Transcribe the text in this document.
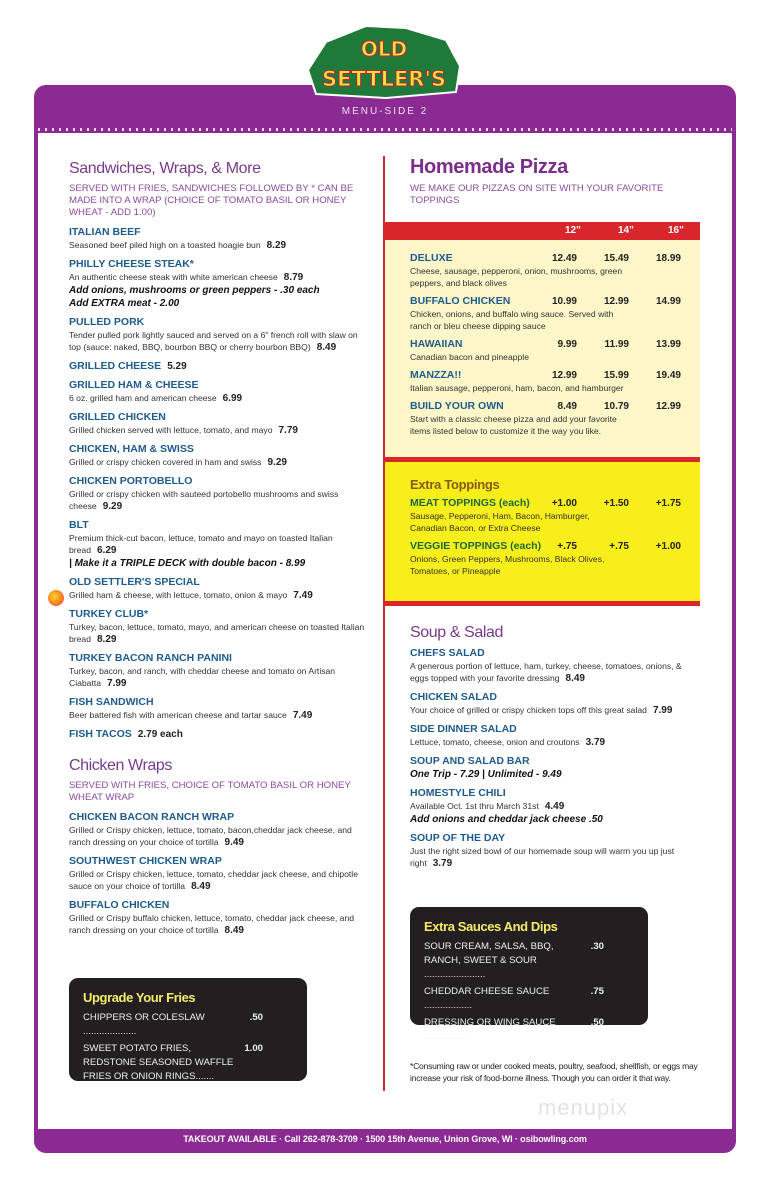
OLD
SETTLER'S
MENU-SIDE 2
Sandwiches, Wraps, & More
SERVED WITH FRIES, SANDWICHES FOLLOWED BY * CAN BE MADE INTO A WRAP (CHOICE OF TOMATO BASIL OR HONEY WHEAT - ADD 1.00)
ITALIAN BEEF
Seasoned beef piled high on a toasted hoagie bun 8.29
PHILLY CHEESE STEAK*
An authentic cheese steak with white american cheese 8.79
Add onions, mushrooms or green peppers - .30 each
Add EXTRA meat - 2.00
PULLED PORK
Tender pulled pork lightly sauced and served on a 6" french roll with slaw on top (sauce: naked, BBQ, bourbon BBQ or cherry bourbon BBQ) 8.49
GRILLED CHEESE 5.29
GRILLED HAM & CHEESE
6 oz. grilled ham and american cheese 6.99
GRILLED CHICKEN
Grilled chicken served with lettuce, tomato, and mayo 7.79
CHICKEN, HAM & SWISS
Grilled or crispy chicken covered in ham and swiss 9.29
CHICKEN PORTOBELLO
Grilled or crispy chicken with sauteed portobello mushrooms and swiss cheese 9.29
BLT
Premium thick-cut bacon, lettuce, tomato and mayo on toasted Italian bread 6.29
| Make it a TRIPLE DECK with double bacon - 8.99
OLD SETTLER'S SPECIAL
Grilled ham & cheese, with lettuce, tomato, onion & mayo 7.49
TURKEY CLUB*
Turkey, bacon, lettuce, tomato, mayo, and american cheese on toasted Italian bread 8.29
TURKEY BACON RANCH PANINI
Turkey, bacon, and ranch, with cheddar cheese and tomato on Artisan Ciabatta 7.99
FISH SANDWICH
Beer battered fish with american cheese and tartar sauce 7.49
FISH TACOS 2.79 each
Chicken Wraps
SERVED WITH FRIES, CHOICE OF TOMATO BASIL OR HONEY WHEAT WRAP
CHICKEN BACON RANCH WRAP
Grilled or Crispy chicken, lettuce, tomato, bacon,cheddar jack cheese, and ranch dressing on your choice of tortilla 9.49
SOUTHWEST CHICKEN WRAP
Grilled or Crispy chicken, lettuce, tomato, cheddar jack cheese, and chipotle sauce on your choice of tortilla 8.49
BUFFALO CHICKEN
Grilled or Crispy buffalo chicken, lettuce, tomato, cheddar jack cheese, and ranch dressing on your choice of tortilla 8.49
Upgrade Your Fries
CHIPPERS OR COLESLAW ....................
.50
SWEET POTATO FRIES, REDSTONE SEASONED WAFFLE FRIES OR ONION RINGS.......
1.00
Homemade Pizza
WE MAKE OUR PIZZAS ON SITE WITH YOUR FAVORITE TOPPINGS
12"	14"	16"
DELUXE	12.49	15.49	18.99
Cheese, sausage, pepperoni, onion, mushrooms, green peppers, and black olives
BUFFALO CHICKEN	10.99	12.99	14.99
Chicken, onions, and buffalo wing sauce. Served with ranch or bleu cheese dipping sauce
HAWAIIAN	9.99	11.99	13.99
Canadian bacon and pineapple
MANZZA!!	12.99	15.99	19.49
Italian sausage, pepperoni, ham, bacon, and hamburger
BUILD YOUR OWN	8.49	10.79	12.99
Start with a classic cheese pizza and add your favorite items listed below to customize it the way you like.
Extra Toppings
MEAT TOPPINGS (each)	+1.00	+1.50	+1.75
Sausage, Pepperoni, Ham, Bacon, Hamburger, Canadian Bacon, or Extra Cheese
VEGGIE TOPPINGS (each)	+.75	+.75	+1.00
Onions, Green Peppers, Mushrooms, Black Olives, Tomatoes, or Pineapple
Soup & Salad
CHEFS SALAD
A generous portion of lettuce, ham, turkey, cheese, tomatoes, onions, & eggs topped with your favorite dressing 8.49
CHICKEN SALAD
Your choice of grilled or crispy chicken tops off this great salad 7.99
SIDE DINNER SALAD
Lettuce, tomato, cheese, onion and croutons 3.79
SOUP AND SALAD BAR
One Trip - 7.29 | Unlimited - 9.49
HOMESTYLE CHILI
Available Oct. 1st thru March 31st 4.49
Add onions and cheddar jack cheese .50
SOUP OF THE DAY
Just the right sized bowl of our homemade soup will warm you up just right 3.79
Extra Sauces And Dips
SOUR CREAM, SALSA, BBQ, RANCH, SWEET & SOUR .......................
.30
CHEDDAR CHEESE SAUCE ..................
.75
DRESSING OR WING SAUCE ................
.50
*Consuming raw or under cooked meats, poultry, seafood, shellfish, or eggs may increase your risk of food-borne illness. Though you can order it that way.
menupix
TAKEOUT AVAILABLE · Call 262-878-3709 · 1500 15th Avenue, Union Grove, WI · osibowling.com
